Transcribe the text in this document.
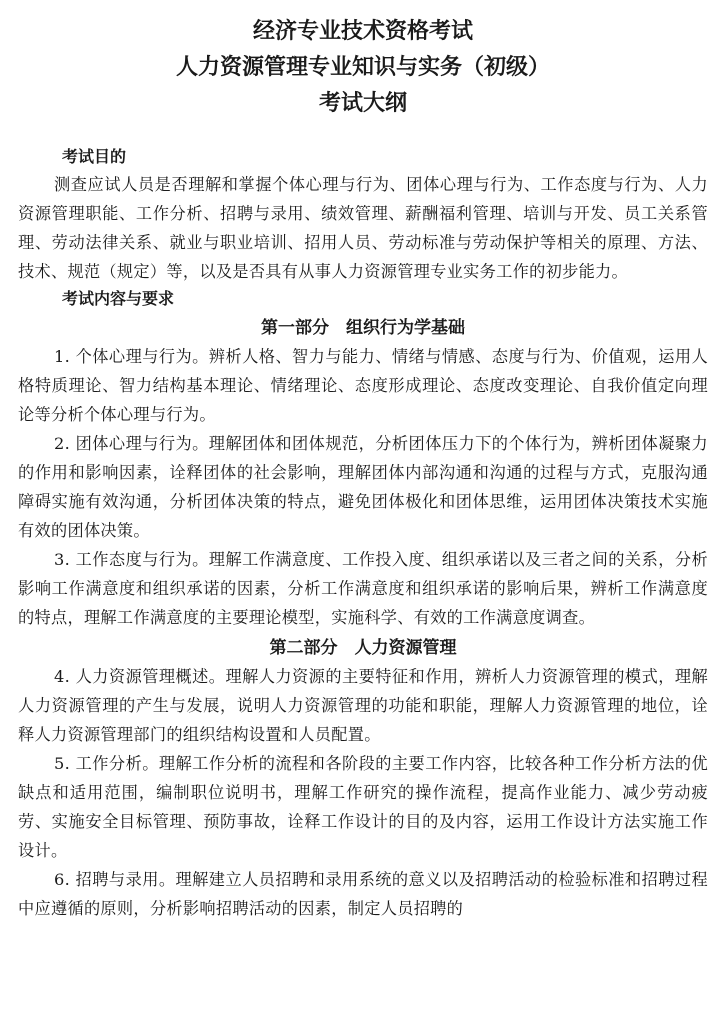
经济专业技术资格考试
人力资源管理专业知识与实务（初级）
考试大纲
考试目的

测查应试人员是否理解和掌握个体心理与行为、团体心理与行为、工作态度与行为、人力资源管理职能、工作分析、招聘与录用、绩效管理、薪酬福利管理、培训与开发、员工关系管理、劳动法律关系、就业与职业培训、招用人员、劳动标准与劳动保护等相关的原理、方法、技术、规范（规定）等，以及是否具有从事人力资源管理专业实务工作的初步能力。

考试内容与要求
第一部分　组织行为学基础

1. 个体心理与行为。辨析人格、智力与能力、情绪与情感、态度与行为、价值观，运用人格特质理论、智力结构基本理论、情绪理论、态度形成理论、态度改变理论、自我价值定向理论等分析个体心理与行为。

2. 团体心理与行为。理解团体和团体规范，分析团体压力下的个体行为，辨析团体凝聚力的作用和影响因素，诠释团体的社会影响，理解团体内部沟通和沟通的过程与方式，克服沟通障碍实施有效沟通，分析团体决策的特点，避免团体极化和团体思维，运用团体决策技术实施有效的团体决策。

3. 工作态度与行为。理解工作满意度、工作投入度、组织承诺以及三者之间的关系，分析影响工作满意度和组织承诺的因素，分析工作满意度和组织承诺的影响后果，辨析工作满意度的特点，理解工作满意度的主要理论模型，实施科学、有效的工作满意度调查。

第二部分　人力资源管理

4. 人力资源管理概述。理解人力资源的主要特征和作用，辨析人力资源管理的模式，理解人力资源管理的产生与发展，说明人力资源管理的功能和职能，理解人力资源管理的地位，诠释人力资源管理部门的组织结构设置和人员配置。

5. 工作分析。理解工作分析的流程和各阶段的主要工作内容，比较各种工作分析方法的优缺点和适用范围，编制职位说明书，理解工作研究的操作流程，提高作业能力、减少劳动疲劳、实施安全目标管理、预防事故，诠释工作设计的目的及内容，运用工作设计方法实施工作设计。

6. 招聘与录用。理解建立人员招聘和录用系统的意义以及招聘活动的检验标准和招聘过程中应遵循的原则，分析影响招聘活动的因素，制定人员招聘的
